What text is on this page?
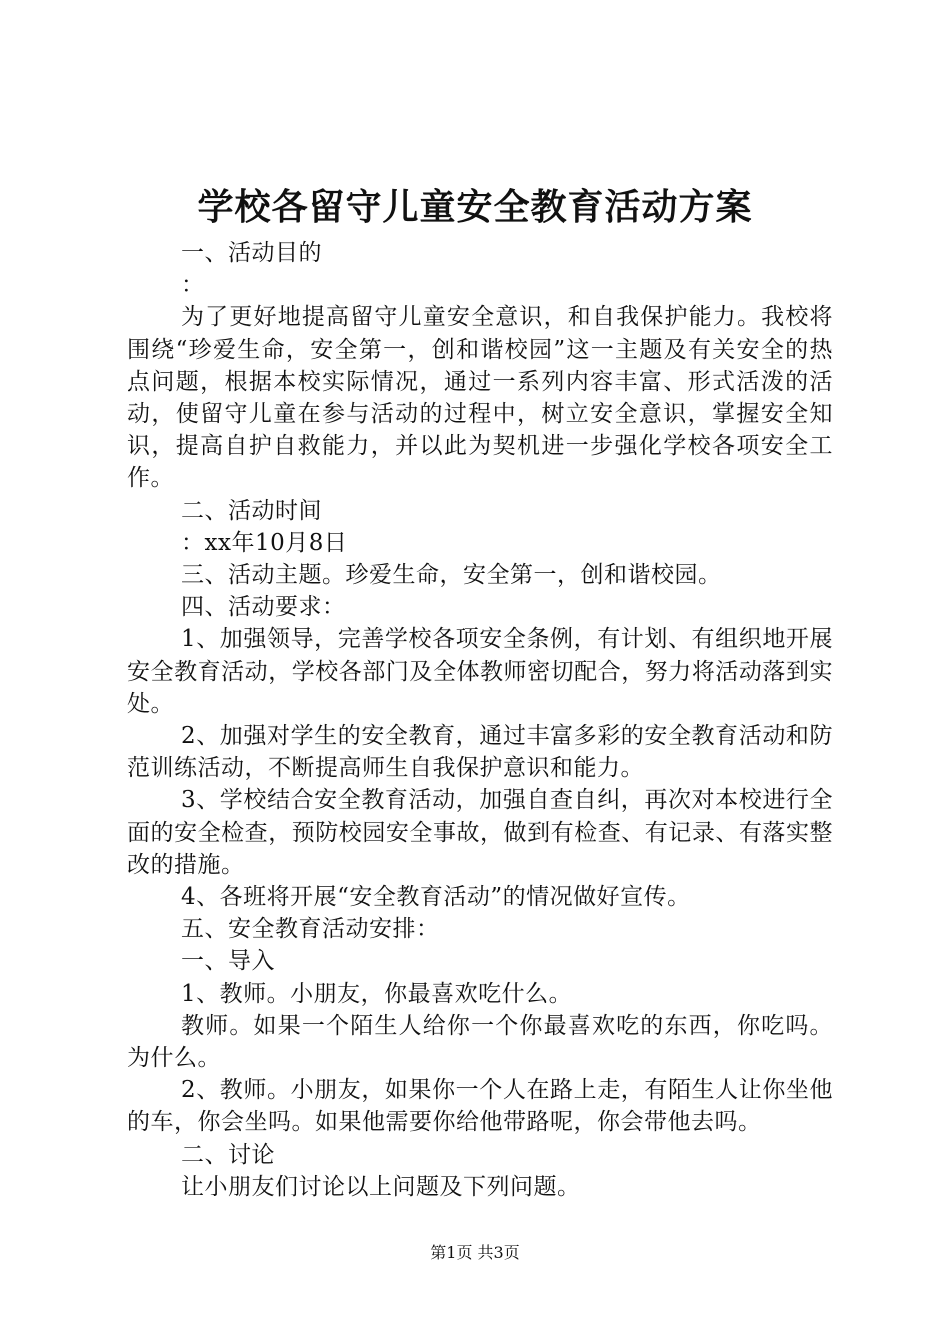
学校各留守儿童安全教育活动方案

一、活动目的

：

为了更好地提高留守儿童安全意识，和自我保护能力。我校将围绕“珍爱生命，安全第一，创和谐校园”这一主题及有关安全的热点问题，根据本校实际情况，通过一系列内容丰富、形式活泼的活动，使留守儿童在参与活动的过程中，树立安全意识，掌握安全知识，提高自护自救能力，并以此为契机进一步强化学校各项安全工作。

二、活动时间

：xx年10月8日

三、活动主题。珍爱生命，安全第一，创和谐校园。

四、活动要求：

1、加强领导，完善学校各项安全条例，有计划、有组织地开展安全教育活动，学校各部门及全体教师密切配合，努力将活动落到实处。

2、加强对学生的安全教育，通过丰富多彩的安全教育活动和防范训练活动，不断提高师生自我保护意识和能力。

3、学校结合安全教育活动，加强自查自纠，再次对本校进行全面的安全检查，预防校园安全事故，做到有检查、有记录、有落实整改的措施。

4、各班将开展“安全教育活动”的情况做好宣传。

五、安全教育活动安排：

一、导入

1、教师。小朋友，你最喜欢吃什么。

教师。如果一个陌生人给你一个你最喜欢吃的东西，你吃吗。为什么。

2、教师。小朋友，如果你一个人在路上走，有陌生人让你坐他的车，你会坐吗。如果他需要你给他带路呢，你会带他去吗。

二、讨论

让小朋友们讨论以上问题及下列问题。

第1页 共3页
